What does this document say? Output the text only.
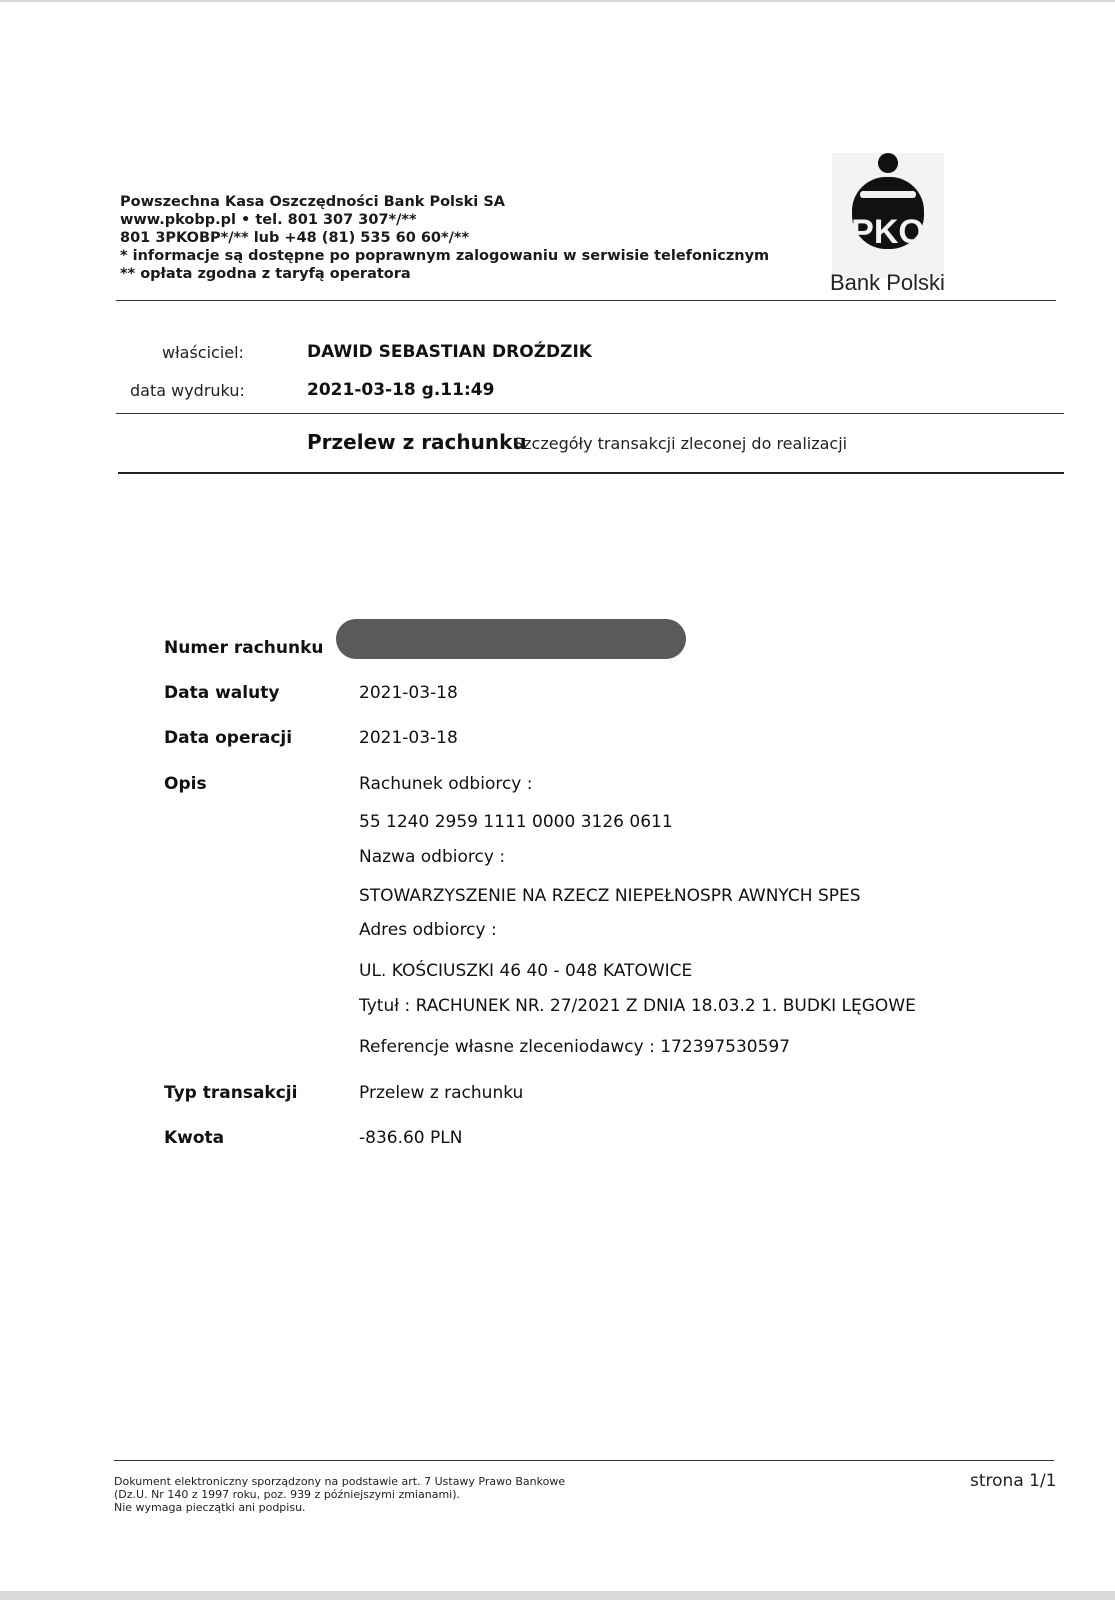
Powszechna Kasa Oszczędności Bank Polski SA
www.pkobp.pl • tel. 801 307 307*/**
801 3PKOBP*/** lub +48 (81) 535 60 60*/**
* informacje są dostępne po poprawnym zalogowaniu w serwisie telefonicznym
** opłata zgodna z taryfą operatora
PKO
Bank Polski
właściciel:	DAWID SEBASTIAN DROŹDZIK
data wydruku:	2021-03-18 g.11:49
Przelew z rachunku
Szczegóły transakcji zleconej do realizacji
Numer rachunku
Data waluty	2021-03-18
Data operacji	2021-03-18
Opis	Rachunek odbiorcy :
55 1240 2959 1111 0000 3126 0611
Nazwa odbiorcy :
STOWARZYSZENIE NA RZECZ NIEPEŁNOSPR AWNYCH SPES
Adres odbiorcy :
UL. KOŚCIUSZKI 46 40 - 048 KATOWICE
Tytuł : RACHUNEK NR. 27/2021 Z DNIA 18.03.2 1. BUDKI LĘGOWE
Referencje własne zleceniodawcy : 172397530597
Typ transakcji	Przelew z rachunku
Kwota	-836.60 PLN
Dokument elektroniczny sporządzony na podstawie art. 7 Ustawy Prawo Bankowe
(Dz.U. Nr 140 z 1997 roku, poz. 939 z późniejszymi zmianami).
Nie wymaga pieczątki ani podpisu.
strona 1/1
